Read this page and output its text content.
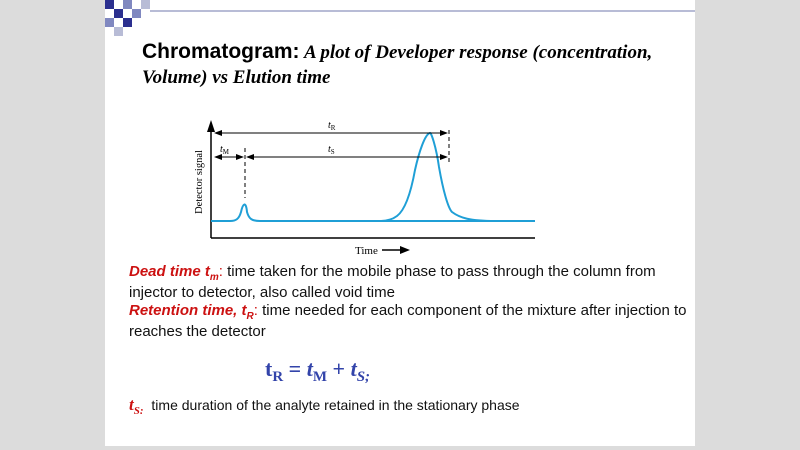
Chromatogram: A plot of Developer response (concentration, Volume) vs Elution time
Detector signal
Time
$t_R$
$t_M$	$t_S$
Dead time $t_m$: time taken for the mobile phase to pass through the column from injector to detector, also called void time
Retention time, $t_R$: time needed for each component of the mixture after injection to reaches the detector
$t_R = t_M + t_{S;}$
$t_{S:}$ time duration of the analyte retained in the stationary phase
